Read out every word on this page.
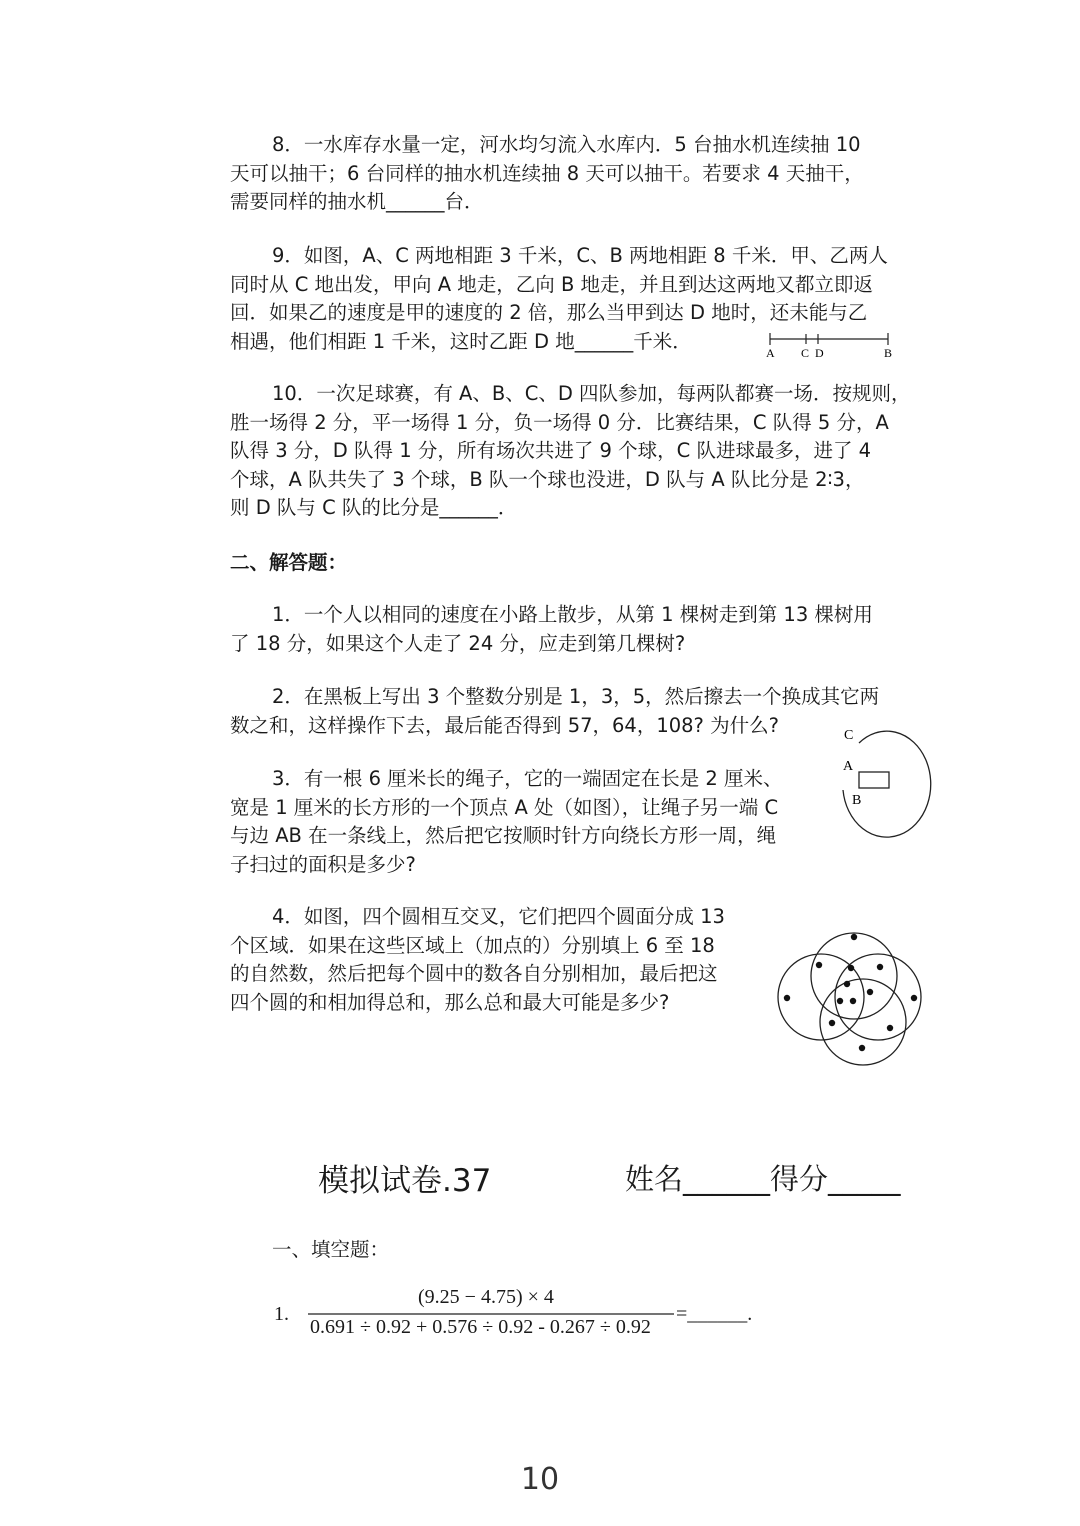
8．一水库存水量一定，河水均匀流入水库内．5 台抽水机连续抽 10
天可以抽干；6 台同样的抽水机连续抽 8 天可以抽干。若要求 4 天抽干，
需要同样的抽水机______台．
9．如图，A、C 两地相距 3 千米，C、B 两地相距 8 千米．甲、乙两人
同时从 C 地出发，甲向 A 地走，乙向 B 地走，并且到达这两地又都立即返
回．如果乙的速度是甲的速度的 2 倍，那么当甲到达 D 地时，还未能与乙
相遇，他们相距 1 千米，这时乙距 D 地______千米．
A C D	B
10．一次足球赛，有 A、B、C、D 四队参加，每两队都赛一场．按规则，
胜一场得 2 分，平一场得 1 分，负一场得 0 分．比赛结果，C 队得 5 分，A
队得 3 分，D 队得 1 分，所有场次共进了 9 个球，C 队进球最多，进了 4
个球，A 队共失了 3 个球，B 队一个球也没进，D 队与 A 队比分是 2∶3，
则 D 队与 C 队的比分是______．
二、解答题：
1．一个人以相同的速度在小路上散步，从第 1 棵树走到第 13 棵树用
了 18 分，如果这个人走了 24 分，应走到第几棵树?
2．在黑板上写出 3 个整数分别是 1，3，5，然后擦去一个换成其它两
数之和，这样操作下去，最后能否得到 57，64，108? 为什么?
3．有一根 6 厘米长的绳子，它的一端固定在长是 2 厘米、
宽是 1 厘米的长方形的一个顶点 A 处（如图），让绳子另一端 C
与边 AB 在一条线上，然后把它按顺时针方向绕长方形一周，绳
子扫过的面积是多少?
C
A
B
4．如图，四个圆相互交叉，它们把四个圆面分成 13
个区域．如果在这些区域上（加点的）分别填上 6 至 18
的自然数，然后把每个圆中的数各自分别相加，最后把这
四个圆的和相加得总和，那么总和最大可能是多少?
模拟试卷.37	姓名______得分_____
一、填空题：
1.
(9.25 − 4.75) × 4
0.691 ÷ 0.92 + 0.576 ÷ 0.92 - 0.267 ÷ 0.92
=______.
10
